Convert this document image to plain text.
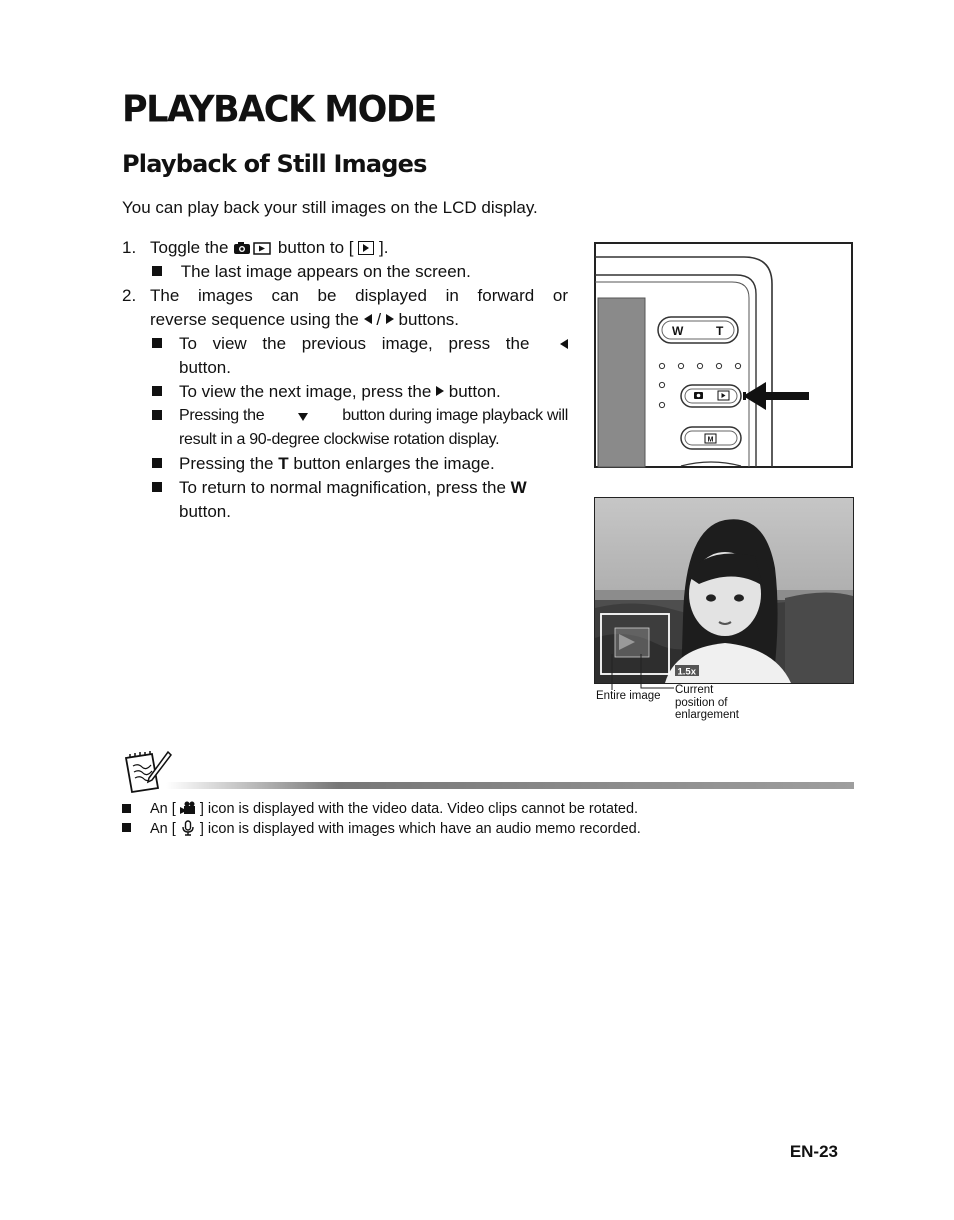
PLAYBACK MODE
Playback of Still Images
You can play back your still images on the LCD display.
1. Toggle the	button to [ ].
The last image appears on the screen.
2. The images can be displayed in forward or
reverse sequence using the / buttons.
To view the previous image, press the
button.
To view the next image, press the button.
Pressing the	button during image playback will
result in a 90-degree clockwise rotation display.
Pressing the T button enlarges the image.
To return to normal magnification, press the W
button.
W	T
M
1.5x
Entire image Current
position of
enlargement
An [ ] icon is displayed with the video data. Video clips cannot be rotated.
An [ ] icon is displayed with images which have an audio memo recorded.
EN-23
